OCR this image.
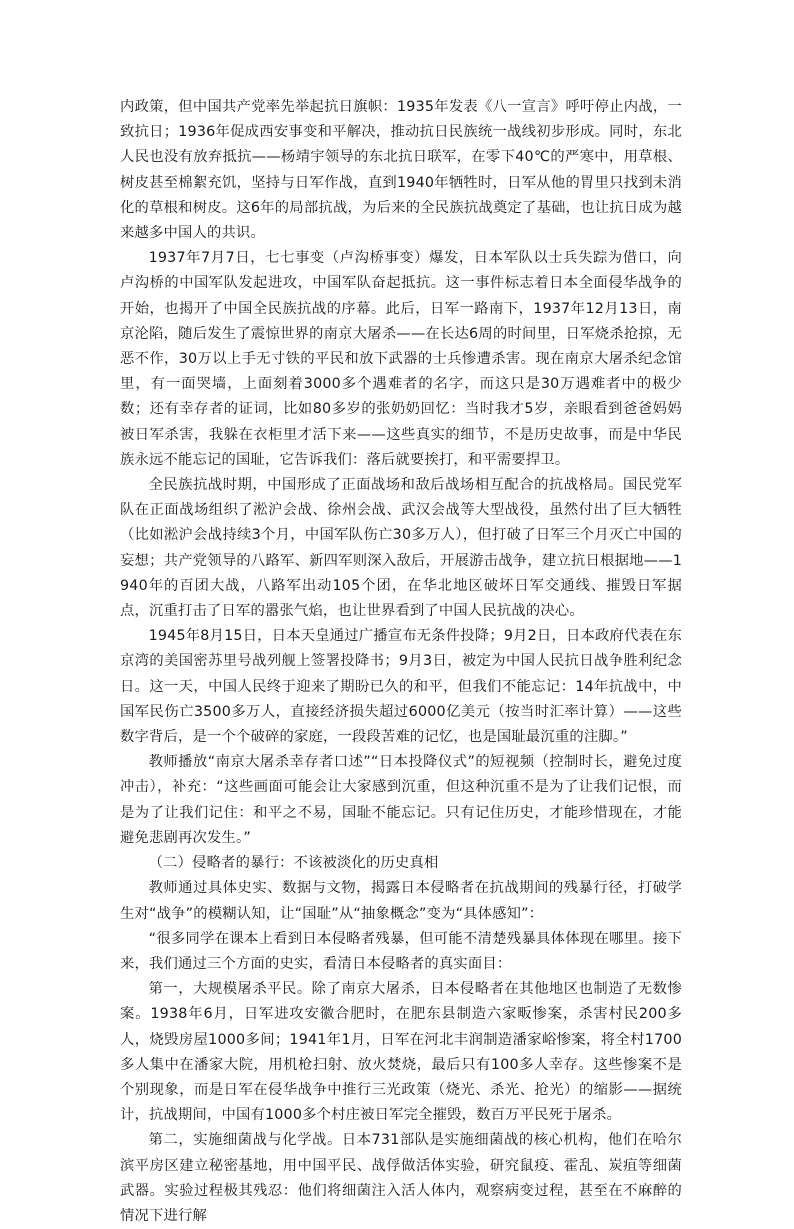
内政策，但中国共产党率先举起抗日旗帜：1935年发表《八一宣言》呼吁停止内战，一致抗日；1936年促成西安事变和平解决，推动抗日民族统一战线初步形成。同时，东北人民也没有放弃抵抗——杨靖宇领导的东北抗日联军，在零下40℃的严寒中，用草根、树皮甚至棉絮充饥，坚持与日军作战，直到1940年牺牲时，日军从他的胃里只找到未消化的草根和树皮。这6年的局部抗战，为后来的全民族抗战奠定了基础，也让抗日成为越来越多中国人的共识。

1937年7月7日，七七事变（卢沟桥事变）爆发，日本军队以士兵失踪为借口，向卢沟桥的中国军队发起进攻，中国军队奋起抵抗。这一事件标志着日本全面侵华战争的开始，也揭开了中国全民族抗战的序幕。此后，日军一路南下，1937年12月13日，南京沦陷，随后发生了震惊世界的南京大屠杀——在长达6周的时间里，日军烧杀抢掠，无恶不作，30万以上手无寸铁的平民和放下武器的士兵惨遭杀害。现在南京大屠杀纪念馆里，有一面哭墙，上面刻着3000多个遇难者的名字，而这只是30万遇难者中的极少数；还有幸存者的证词，比如80多岁的张奶奶回忆：当时我才5岁，亲眼看到爸爸妈妈被日军杀害，我躲在衣柜里才活下来——这些真实的细节，不是历史故事，而是中华民族永远不能忘记的国耻，它告诉我们：落后就要挨打，和平需要捍卫。

全民族抗战时期，中国形成了正面战场和敌后战场相互配合的抗战格局。国民党军队在正面战场组织了淞沪会战、徐州会战、武汉会战等大型战役，虽然付出了巨大牺牲（比如淞沪会战持续3个月，中国军队伤亡30多万人），但打破了日军三个月灭亡中国的妄想；共产党领导的八路军、新四军则深入敌后，开展游击战争，建立抗日根据地——1940年的百团大战，八路军出动105个团，在华北地区破坏日军交通线、摧毁日军据点，沉重打击了日军的嚣张气焰，也让世界看到了中国人民抗战的决心。

1945年8月15日，日本天皇通过广播宣布无条件投降；9月2日，日本政府代表在东京湾的美国密苏里号战列舰上签署投降书；9月3日，被定为中国人民抗日战争胜利纪念日。这一天，中国人民终于迎来了期盼已久的和平，但我们不能忘记：14年抗战中，中国军民伤亡3500多万人，直接经济损失超过6000亿美元（按当时汇率计算）——这些数字背后，是一个个破碎的家庭，一段段苦难的记忆，也是国耻最沉重的注脚。”

教师播放“南京大屠杀幸存者口述”“日本投降仪式”的短视频（控制时长，避免过度冲击），补充：“这些画面可能会让大家感到沉重，但这种沉重不是为了让我们记恨，而是为了让我们记住：和平之不易，国耻不能忘记。只有记住历史，才能珍惜现在，才能避免悲剧再次发生。”

（二）侵略者的暴行：不该被淡化的历史真相

教师通过具体史实、数据与文物，揭露日本侵略者在抗战期间的残暴行径，打破学生对“战争”的模糊认知，让“国耻”从“抽象概念”变为“具体感知”：

“很多同学在课本上看到日本侵略者残暴，但可能不清楚残暴具体体现在哪里。接下来，我们通过三个方面的史实，看清日本侵略者的真实面目：

第一，大规模屠杀平民。除了南京大屠杀，日本侵略者在其他地区也制造了无数惨案。1938年6月，日军进攻安徽合肥时，在肥东县制造六家畈惨案，杀害村民200多人，烧毁房屋1000多间；1941年1月，日军在河北丰润制造潘家峪惨案，将全村1700多人集中在潘家大院，用机枪扫射、放火焚烧，最后只有100多人幸存。这些惨案不是个别现象，而是日军在侵华战争中推行三光政策（烧光、杀光、抢光）的缩影——据统计，抗战期间，中国有1000多个村庄被日军完全摧毁，数百万平民死于屠杀。

第二，实施细菌战与化学战。日本731部队是实施细菌战的核心机构，他们在哈尔滨平房区建立秘密基地，用中国平民、战俘做活体实验，研究鼠疫、霍乱、炭疽等细菌武器。实验过程极其残忍：他们将细菌注入活人体内，观察病变过程，甚至在不麻醉的情况下进行解
